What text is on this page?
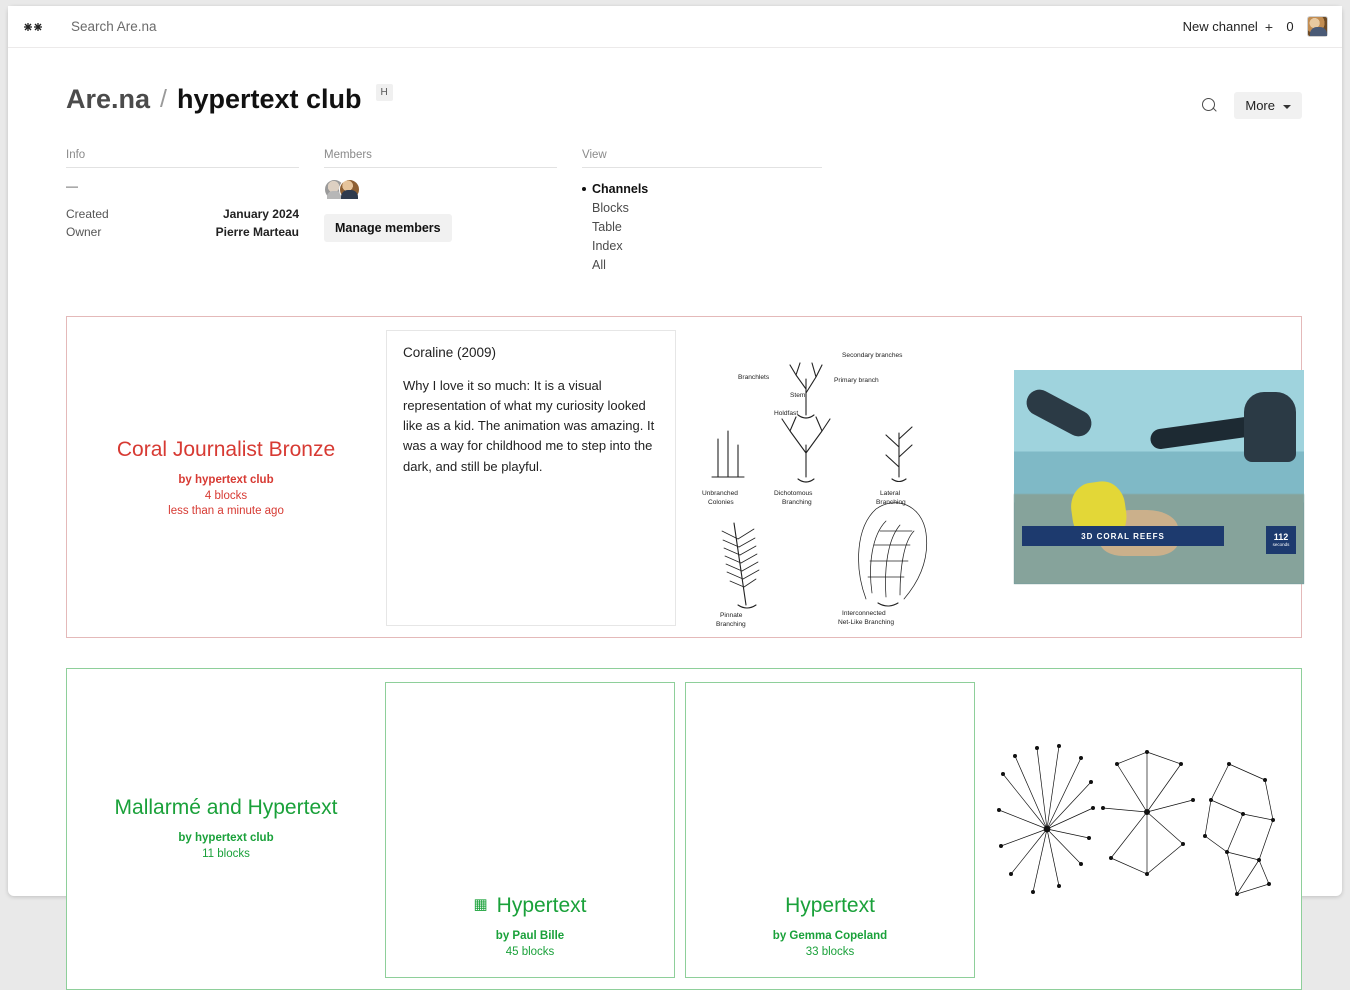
Search Are.na	New channel + 0
Are.na / hypertext club	H
More
Info
—
Created	January 2024
Owner	Pierre Marteau
Members
Manage members
View
Channels
Blocks
Table
Index
All
Coral Journalist Bronze
by hypertext club
4 blocks
less than a minute ago
Coraline (2009)
Why I love it so much: It is a visual representation of what my curiosity looked like as a kid. The animation was amazing. It was a way for childhood me to step into the dark, and still be playful.
Secondary branches
Primary branch
Branchlets
Stem
Holdfast
Unbranched
Colonies
Dichotomous
Branching
Lateral
Branching
Pinnate
Branching
Interconnected
Net-Like Branching
3D CORAL REEFS	112
seconds
Mallarmé and Hypertext
by hypertext club
11 blocks
▦ Hypertext
by Paul Bille
45 blocks
Hypertext
by Gemma Copeland
33 blocks
